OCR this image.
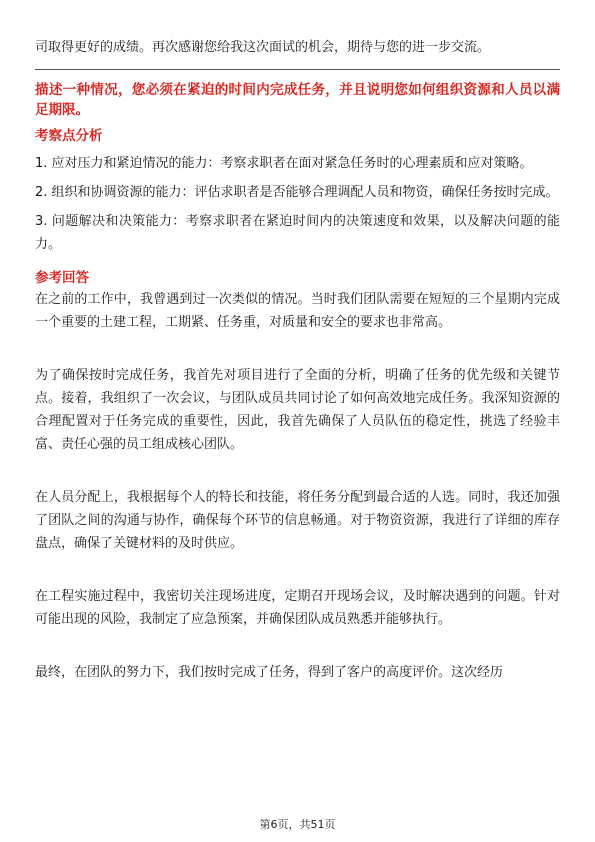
司取得更好的成绩。再次感谢您给我这次面试的机会，期待与您的进一步交流。

描述一种情况，您必须在紧迫的时间内完成任务，并且说明您如何组织资源和人员以满足期限。

考察点分析

1. 应对压力和紧迫情况的能力：考察求职者在面对紧急任务时的心理素质和应对策略。

2. 组织和协调资源的能力：评估求职者是否能够合理调配人员和物资，确保任务按时完成。

3. 问题解决和决策能力：考察求职者在紧迫时间内的决策速度和效果，以及解决问题的能力。

参考回答

在之前的工作中，我曾遇到过一次类似的情况。当时我们团队需要在短短的三个星期内完成一个重要的土建工程，工期紧、任务重，对质量和安全的要求也非常高。

为了确保按时完成任务，我首先对项目进行了全面的分析，明确了任务的优先级和关键节点。接着，我组织了一次会议，与团队成员共同讨论了如何高效地完成任务。我深知资源的合理配置对于任务完成的重要性，因此，我首先确保了人员队伍的稳定性，挑选了经验丰富、责任心强的员工组成核心团队。

在人员分配上，我根据每个人的特长和技能，将任务分配到最合适的人选。同时，我还加强了团队之间的沟通与协作，确保每个环节的信息畅通。对于物资资源，我进行了详细的库存盘点，确保了关键材料的及时供应。

在工程实施过程中，我密切关注现场进度，定期召开现场会议，及时解决遇到的问题。针对可能出现的风险，我制定了应急预案，并确保团队成员熟悉并能够执行。

最终，在团队的努力下，我们按时完成了任务，得到了客户的高度评价。这次经历

第6页，共51页
